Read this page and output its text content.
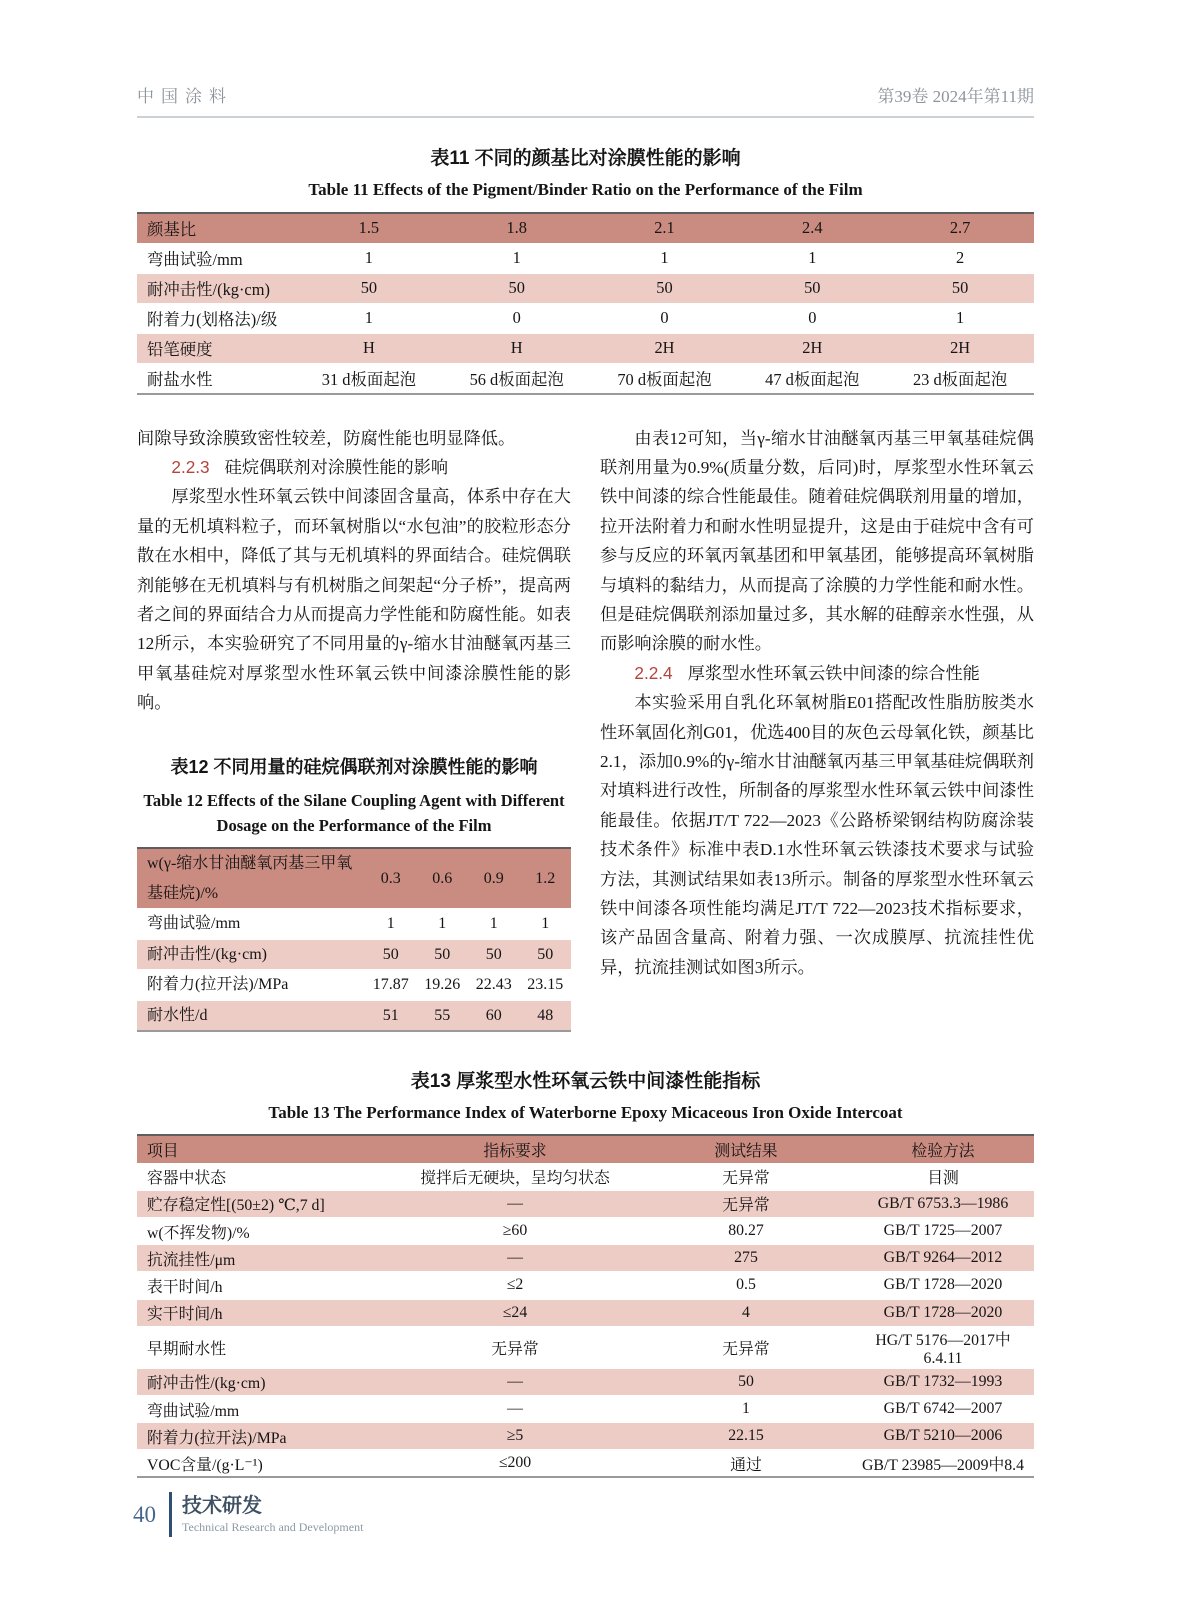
中国涂料	第39卷 2024年第11期
表11 不同的颜基比对涂膜性能的影响
Table 11 Effects of the Pigment/Binder Ratio on the Performance of the Film
颜基比	1.5	1.8	2.1	2.4	2.7
弯曲试验/mm	1	1	1	1	2
耐冲击性/(kg·cm)	50	50	50	50	50
附着力(划格法)/级	1	0	0	0	1
铅笔硬度	H	H	2H	2H	2H
耐盐水性	31 d板面起泡	56 d板面起泡	70 d板面起泡	47 d板面起泡	23 d板面起泡

间隙导致涂膜致密性较差，防腐性能也明显降低。

2.2.3 硅烷偶联剂对涂膜性能的影响

厚浆型水性环氧云铁中间漆固含量高，体系中存在大量的无机填料粒子，而环氧树脂以“水包油”的胶粒形态分散在水相中，降低了其与无机填料的界面结合。硅烷偶联剂能够在无机填料与有机树脂之间架起“分子桥”，提高两者之间的界面结合力从而提高力学性能和防腐性能。如表12所示，本实验研究了不同用量的γ-缩水甘油醚氧丙基三甲氧基硅烷对厚浆型水性环氧云铁中间漆涂膜性能的影响。

表12 不同用量的硅烷偶联剂对涂膜性能的影响
Table 12 Effects of the Silane Coupling Agent with Different Dosage on the Performance of the Film
w(γ-缩水甘油醚氧丙基三甲氧基硅烷)/%	0.3	0.6	0.9	1.2
弯曲试验/mm	1	1	1	1
耐冲击性/(kg·cm)	50	50	50	50
附着力(拉开法)/MPa	17.87	19.26	22.43	23.15
耐水性/d	51	55	60	48

由表12可知，当γ-缩水甘油醚氧丙基三甲氧基硅烷偶联剂用量为0.9%(质量分数，后同)时，厚浆型水性环氧云铁中间漆的综合性能最佳。随着硅烷偶联剂用量的增加，拉开法附着力和耐水性明显提升，这是由于硅烷中含有可参与反应的环氧丙氧基团和甲氧基团，能够提高环氧树脂与填料的黏结力，从而提高了涂膜的力学性能和耐水性。但是硅烷偶联剂添加量过多，其水解的硅醇亲水性强，从而影响涂膜的耐水性。

2.2.4 厚浆型水性环氧云铁中间漆的综合性能

本实验采用自乳化环氧树脂E01搭配改性脂肪胺类水性环氧固化剂G01，优选400目的灰色云母氧化铁，颜基比2.1，添加0.9%的γ-缩水甘油醚氧丙基三甲氧基硅烷偶联剂对填料进行改性，所制备的厚浆型水性环氧云铁中间漆性能最佳。依据JT/T 722—2023《公路桥梁钢结构防腐涂装技术条件》标准中表D.1水性环氧云铁漆技术要求与试验方法，其测试结果如表13所示。制备的厚浆型水性环氧云铁中间漆各项性能均满足JT/T 722—2023技术指标要求，该产品固含量高、附着力强、一次成膜厚、抗流挂性优异，抗流挂测试如图3所示。

表13 厚浆型水性环氧云铁中间漆性能指标
Table 13 The Performance Index of Waterborne Epoxy Micaceous Iron Oxide Intercoat
项目	指标要求	测试结果	检验方法
容器中状态	搅拌后无硬块，呈均匀状态	无异常	目测
贮存稳定性[(50±2) ℃,7 d]	—	无异常	GB/T 6753.3—1986
w(不挥发物)/%	≥60	80.27	GB/T 1725—2007
抗流挂性/μm	—	275	GB/T 9264—2012
表干时间/h	≤2	0.5	GB/T 1728—2020
实干时间/h	≤24	4	GB/T 1728—2020
早期耐水性	无异常	无异常	HG/T 5176—2017中6.4.11
耐冲击性/(kg·cm)	—	50	GB/T 1732—1993
弯曲试验/mm	—	1	GB/T 6742—2007
附着力(拉开法)/MPa	≥5	22.15	GB/T 5210—2006
VOC含量/(g·L⁻¹)	≤200	通过	GB/T 23985—2009中8.4
40 技术研发
Technical Research and Development
